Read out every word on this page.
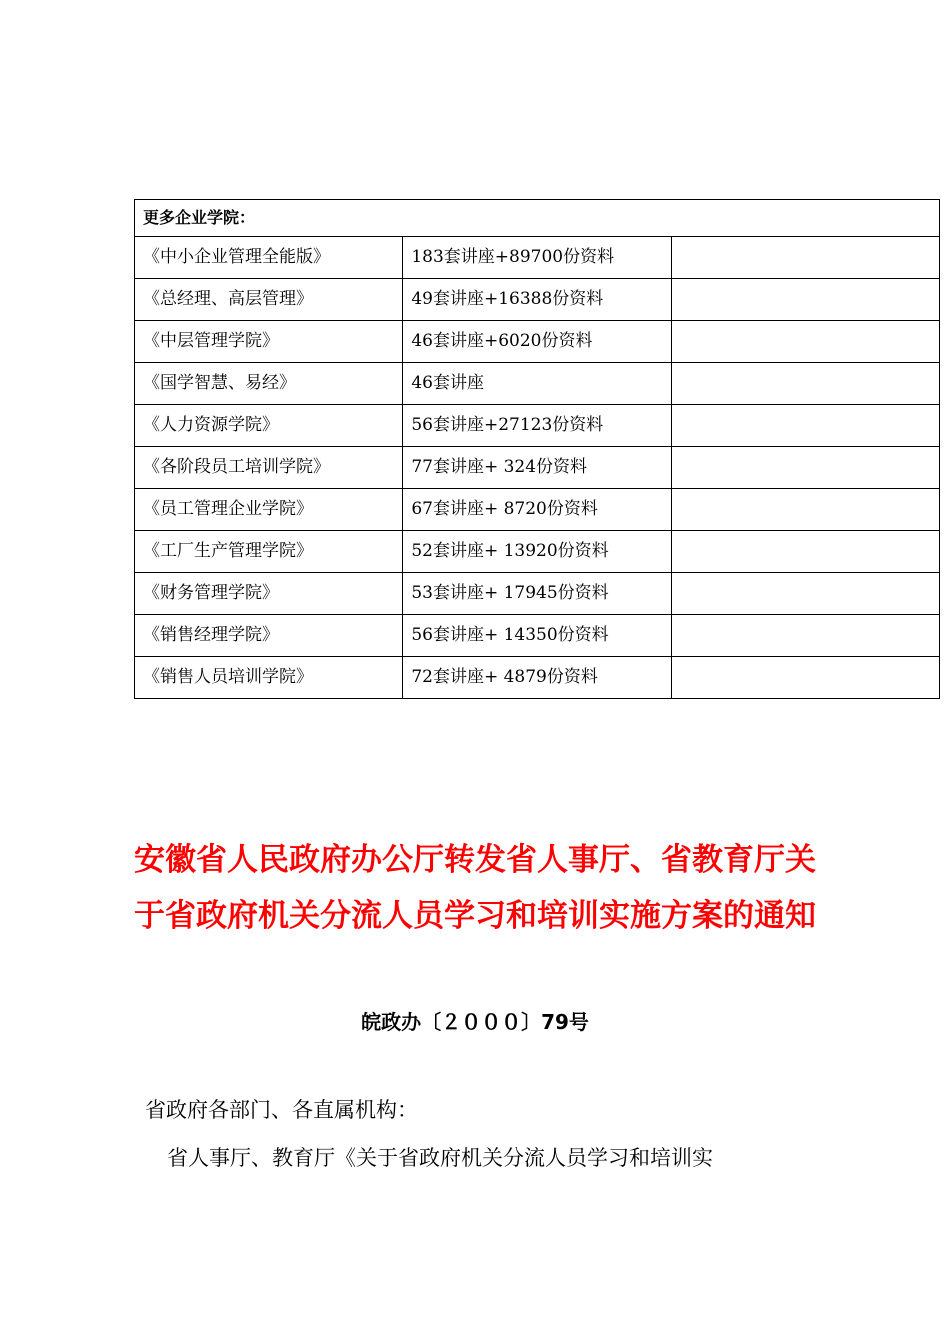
更多企业学院：		
《中小企业管理全能版》	183套讲座+89700份资料	
《总经理、高层管理》	49套讲座+16388份资料	
《中层管理学院》	46套讲座+6020份资料	
《国学智慧、易经》	46套讲座	
《人力资源学院》	56套讲座+27123份资料	
《各阶段员工培训学院》	77套讲座+ 324份资料	
《员工管理企业学院》	67套讲座+ 8720份资料	
《工厂生产管理学院》	52套讲座+ 13920份资料	
《财务管理学院》	53套讲座+ 17945份资料	
《销售经理学院》	56套讲座+ 14350份资料	
《销售人员培训学院》	72套讲座+ 4879份资料	
安徽省人民政府办公厅转发省人事厅、省教育厅关于省政府机关分流人员学习和培训实施方案的通知
皖政办〔２０００〕79号
省政府各部门、各直属机构：
省人事厅、教育厅《关于省政府机关分流人员学习和培训实
